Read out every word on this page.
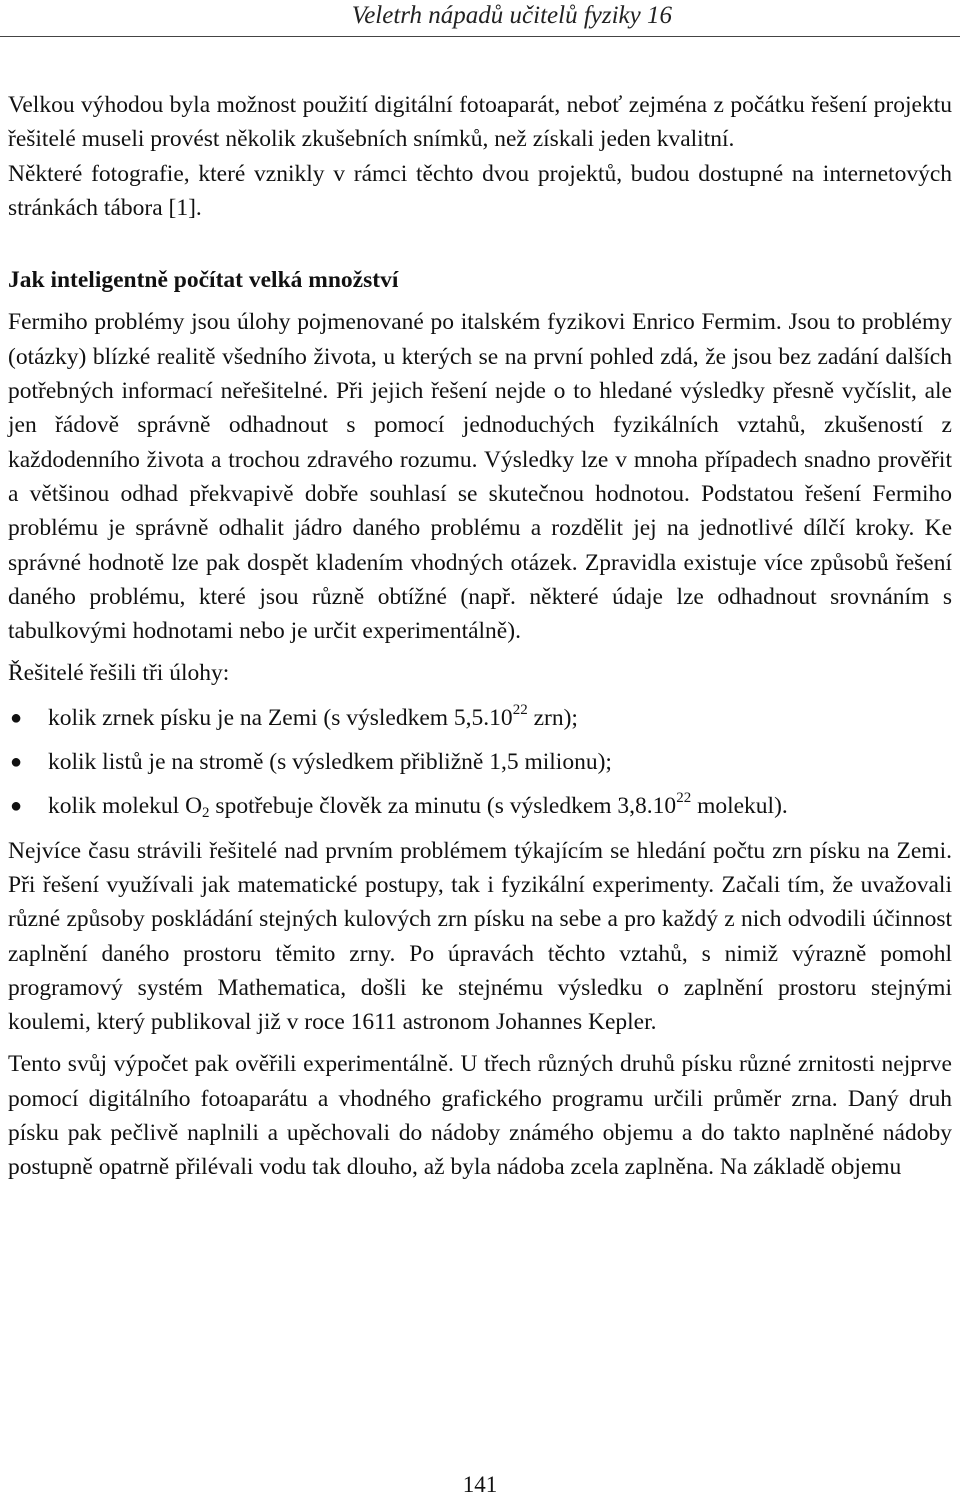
Veletrh nápadů učitelů fyziky 16

Velkou výhodou byla možnost použití digitální fotoaparát, neboť zejména z počátku řešení projektu řešitelé museli provést několik zkušebních snímků, než získali jeden kvalitní.

Některé fotografie, které vznikly v rámci těchto dvou projektů, budou dostupné na internetových stránkách tábora [1].

Jak inteligentně počítat velká množství

Fermiho problémy jsou úlohy pojmenované po italském fyzikovi Enrico Fermim. Jsou to problémy (otázky) blízké realitě všedního života, u kterých se na první pohled zdá, že jsou bez zadání dalších potřebných informací neřešitelné. Při jejich řešení nejde o to hledané výsledky přesně vyčíslit, ale jen řádově správně odhadnout s pomocí jednoduchých fyzikálních vztahů, zkušeností z každodenního života a trochou zdravého rozumu. Výsledky lze v mnoha případech snadno prověřit a většinou odhad překvapivě dobře souhlasí se skutečnou hodnotou. Podstatou řešení Fermiho problému je správně odhalit jádro daného problému a rozdělit jej na jednotlivé dílčí kroky. Ke správné hodnotě lze pak dospět kladením vhodných otázek. Zpravidla existuje více způsobů řešení daného problému, které jsou různě obtížné (např. některé údaje lze odhadnout srovnáním s tabulkovými hodnotami nebo je určit experimentálně).

Řešitelé řešili tři úlohy:

● kolik zrnek písku je na Zemi (s výsledkem 5,5.10$^{22}$ zrn);
● kolik listů je na stromě (s výsledkem přibližně 1,5 milionu);
● kolik molekul $O_2$ spotřebuje člověk za minutu (s výsledkem 3,8.10$^{22}$ molekul).

Nejvíce času strávili řešitelé nad prvním problémem týkajícím se hledání počtu zrn písku na Zemi. Při řešení využívali jak matematické postupy, tak i fyzikální experimenty. Začali tím, že uvažovali různé způsoby poskládání stejných kulových zrn písku na sebe a pro každý z nich odvodili účinnost zaplnění daného prostoru těmito zrny. Po úpravách těchto vztahů, s nimiž výrazně pomohl programový systém Mathematica, došli ke stejnému výsledku o zaplnění prostoru stejnými koulemi, který publikoval již v roce 1611 astronom Johannes Kepler.

Tento svůj výpočet pak ověřili experimentálně. U třech různých druhů písku různé zrnitosti nejprve pomocí digitálního fotoaparátu a vhodného grafického programu určili průměr zrna. Daný druh písku pak pečlivě naplnili a upěchovali do nádoby známého objemu a do takto naplněné nádoby postupně opatrně přilévali vodu tak dlouho, až byla nádoba zcela zaplněna. Na základě objemu

141
